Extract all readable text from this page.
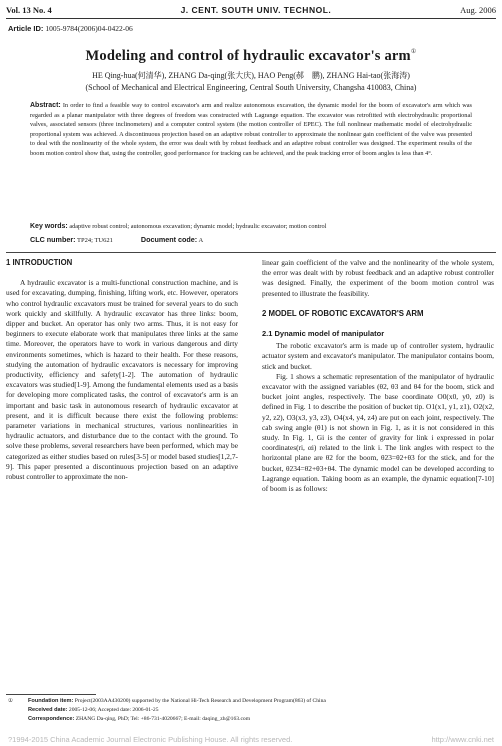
Vol. 13 No. 4	J. CENT. SOUTH UNIV. TECHNOL.	Aug. 2006
Article ID: 1005-9784(2006)04-0422-06
Modeling and control of hydraulic excavator's arm①
HE Qing-hua(何清华), ZHANG Da-qing(张大庆), HAO Peng(郝　鹏), ZHANG Hai-tao(张海涛)
(School of Mechanical and Electrical Engineering, Central South University, Changsha 410083, China)
Abstract: In order to find a feasible way to control excavator's arm and realize autonomous excavation, the dynamic model for the boom of excavator's arm which was regarded as a planar manipulator with three degrees of freedom was constructed with Lagrange equation. The excavator was retrofitted with electrohydraulic proportional valves, associated sensors (three inclinometers) and a computer control system (the motion controller of EPEC). The full nonlinear mathematic model of electrohydraulic proportional system was achieved. A discontinuous projection based on an adaptive robust controller to approximate the nonlinear gain coefficient of the valve was presented to deal with the nonlinearity of the whole system, the error was dealt with by robust feedback and an adaptive robust controller was designed. The experiment results of the boom motion control show that, using the controller, good performance for tracking can be achieved, and the peak tracking error of boom angles is less than 4°.
Key words: adaptive robust control; autonomous excavation; dynamic model; hydraulic excavator; motion control
CLC number: TP24; TU621	Document code: A
1 INTRODUCTION

A hydraulic excavator is a multi-functional construction machine, and is used for excavating, dumping, finishing, lifting work, etc. However, operators who control hydraulic excavators must be trained for several years to do such work quickly and skillfully. A hydraulic excavator has three links: boom, dipper and bucket. An operator has only two arms. Thus, it is not easy for beginners to execute elaborate work that manipulates three links at the same time. Moreover, the operators have to work in various dangerous and dirty environments sometimes, which is hazard to their health. For these reasons, studying the automation of hydraulic excavators is necessary for improving productivity, efficiency and safety[1-2]. The automation of hydraulic excavators was studied[1-9]. Among the fundamental elements used as a basis for developing more complicated tasks, the control of excavator's arm is an important and basic task in autonomous research of hydraulic excavator at present, and it is difficult because there exist the following problems: parameter variations in mechanical structures, various nonlinearities in hydraulic actuators, and disturbance due to the contact with the ground. To solve these problems, several researchers have been performed, which may be categorized as either studies based on rules[3-5] or model based studies[1,2,7-9]. This paper presented a discontinuous projection based on an adaptive robust controller to approximate the non-

linear gain coefficient of the valve and the nonlinearity of the whole system, the error was dealt with by robust feedback and an adaptive robust controller was designed. Finally, the experiment of the boom motion control was presented to illustrate the feasibility.

2 MODEL OF ROBOTIC EXCAVATOR'S ARM
2.1 Dynamic model of manipulator

The robotic excavator's arm is made up of controller system, hydraulic actuator system and excavator's manipulator. The manipulator contains boom, stick and bucket.

Fig. 1 shows a schematic representation of the manipulator of hydraulic excavator with the assigned variables (θ2, θ3 and θ4 for the boom, stick and bucket joint angles, respectively. The base coordinate O0(x0, y0, z0) is defined in Fig. 1 to describe the position of bucket tip. O1(x1, y1, z1), O2(x2, y2, z2), O3(x3, y3, z3), O4(x4, y4, z4) are put on each joint, respectively. The cab swing angle (θ1) is not shown in Fig. 1, as it is not considered in this study. In Fig. 1, Gi is the center of gravity for link i expressed in polar coordinates(ri, αi) related to the link i. The link angles with respect to the horizontal plane are θ2 for the boom, θ23=θ2+θ3 for the stick, and for the bucket, θ234=θ2+θ3+θ4. The dynamic model can be developed according to Lagrange equation. Taking boom as an example, the dynamic equation[7-10] of boom is as follows:

①	Foundation item: Project(2003AA430200) supported by the National Hi-Tech Research and Development Program(863) of China
Received date: 2005-12-06; Accepted date: 2006-01-25
Correspondence: ZHANG Da-qing, PhD; Tel: +86-731-4020667; E-mail: daqing_zh@163.com
?1994-2015 China Academic Journal Electronic Publishing House. All rights reserved.	http://www.cnki.net
